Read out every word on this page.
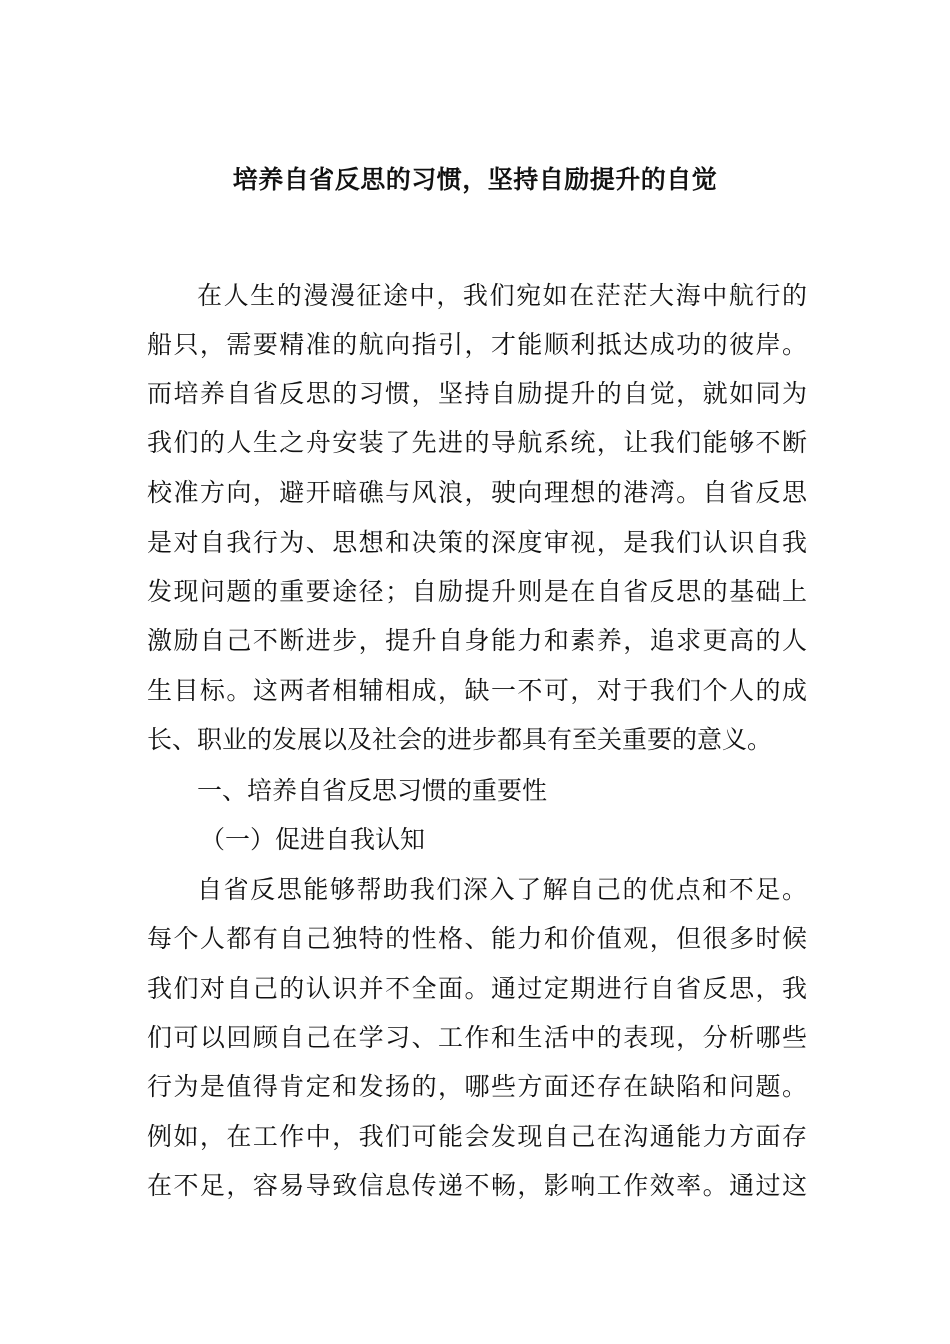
培养自省反思的习惯，坚持自励提升的自觉
在人生的漫漫征途中，我们宛如在茫茫大海中航行的
船只，需要精准的航向指引，才能顺利抵达成功的彼岸。
而培养自省反思的习惯，坚持自励提升的自觉，就如同为
我们的人生之舟安装了先进的导航系统，让我们能够不断
校准方向，避开暗礁与风浪，驶向理想的港湾。自省反思
是对自我行为、思想和决策的深度审视，是我们认识自我
发现问题的重要途径；自励提升则是在自省反思的基础上
激励自己不断进步，提升自身能力和素养，追求更高的人
生目标。这两者相辅相成，缺一不可，对于我们个人的成
长、职业的发展以及社会的进步都具有至关重要的意义。
一、培养自省反思习惯的重要性
（一）促进自我认知
自省反思能够帮助我们深入了解自己的优点和不足。
每个人都有自己独特的性格、能力和价值观，但很多时候
我们对自己的认识并不全面。通过定期进行自省反思，我
们可以回顾自己在学习、工作和生活中的表现，分析哪些
行为是值得肯定和发扬的，哪些方面还存在缺陷和问题。
例如，在工作中，我们可能会发现自己在沟通能力方面存
在不足，容易导致信息传递不畅，影响工作效率。通过这
